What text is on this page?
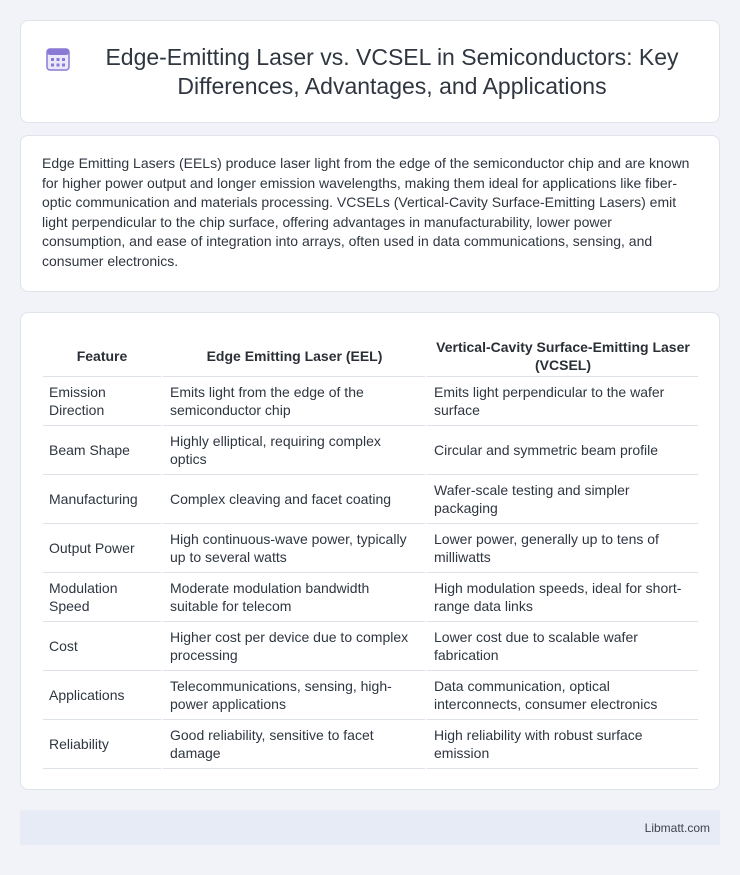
Edge-Emitting Laser vs. VCSEL in Semiconductors: Key Differences, Advantages, and Applications

Edge Emitting Lasers (EELs) produce laser light from the edge of the semiconductor chip and are known for higher power output and longer emission wavelengths, making them ideal for applications like fiber-optic communication and materials processing. VCSELs (Vertical-Cavity Surface-Emitting Lasers) emit light perpendicular to the chip surface, offering advantages in manufacturability, lower power consumption, and ease of integration into arrays, often used in data communications, sensing, and consumer electronics.

Feature	Edge Emitting Laser (EEL)	Vertical-Cavity Surface-Emitting Laser (VCSEL)
Emission Direction	Emits light from the edge of the semiconductor chip	Emits light perpendicular to the wafer surface
Beam Shape	Highly elliptical, requiring complex optics	Circular and symmetric beam profile
Manufacturing	Complex cleaving and facet coating	Wafer-scale testing and simpler packaging
Output Power	High continuous-wave power, typically up to several watts	Lower power, generally up to tens of milliwatts
Modulation Speed	Moderate modulation bandwidth suitable for telecom	High modulation speeds, ideal for short-range data links
Cost	Higher cost per device due to complex processing	Lower cost due to scalable wafer fabrication
Applications	Telecommunications, sensing, high-power applications	Data communication, optical interconnects, consumer electronics
Reliability	Good reliability, sensitive to facet damage	High reliability with robust surface emission
Libmatt.com
